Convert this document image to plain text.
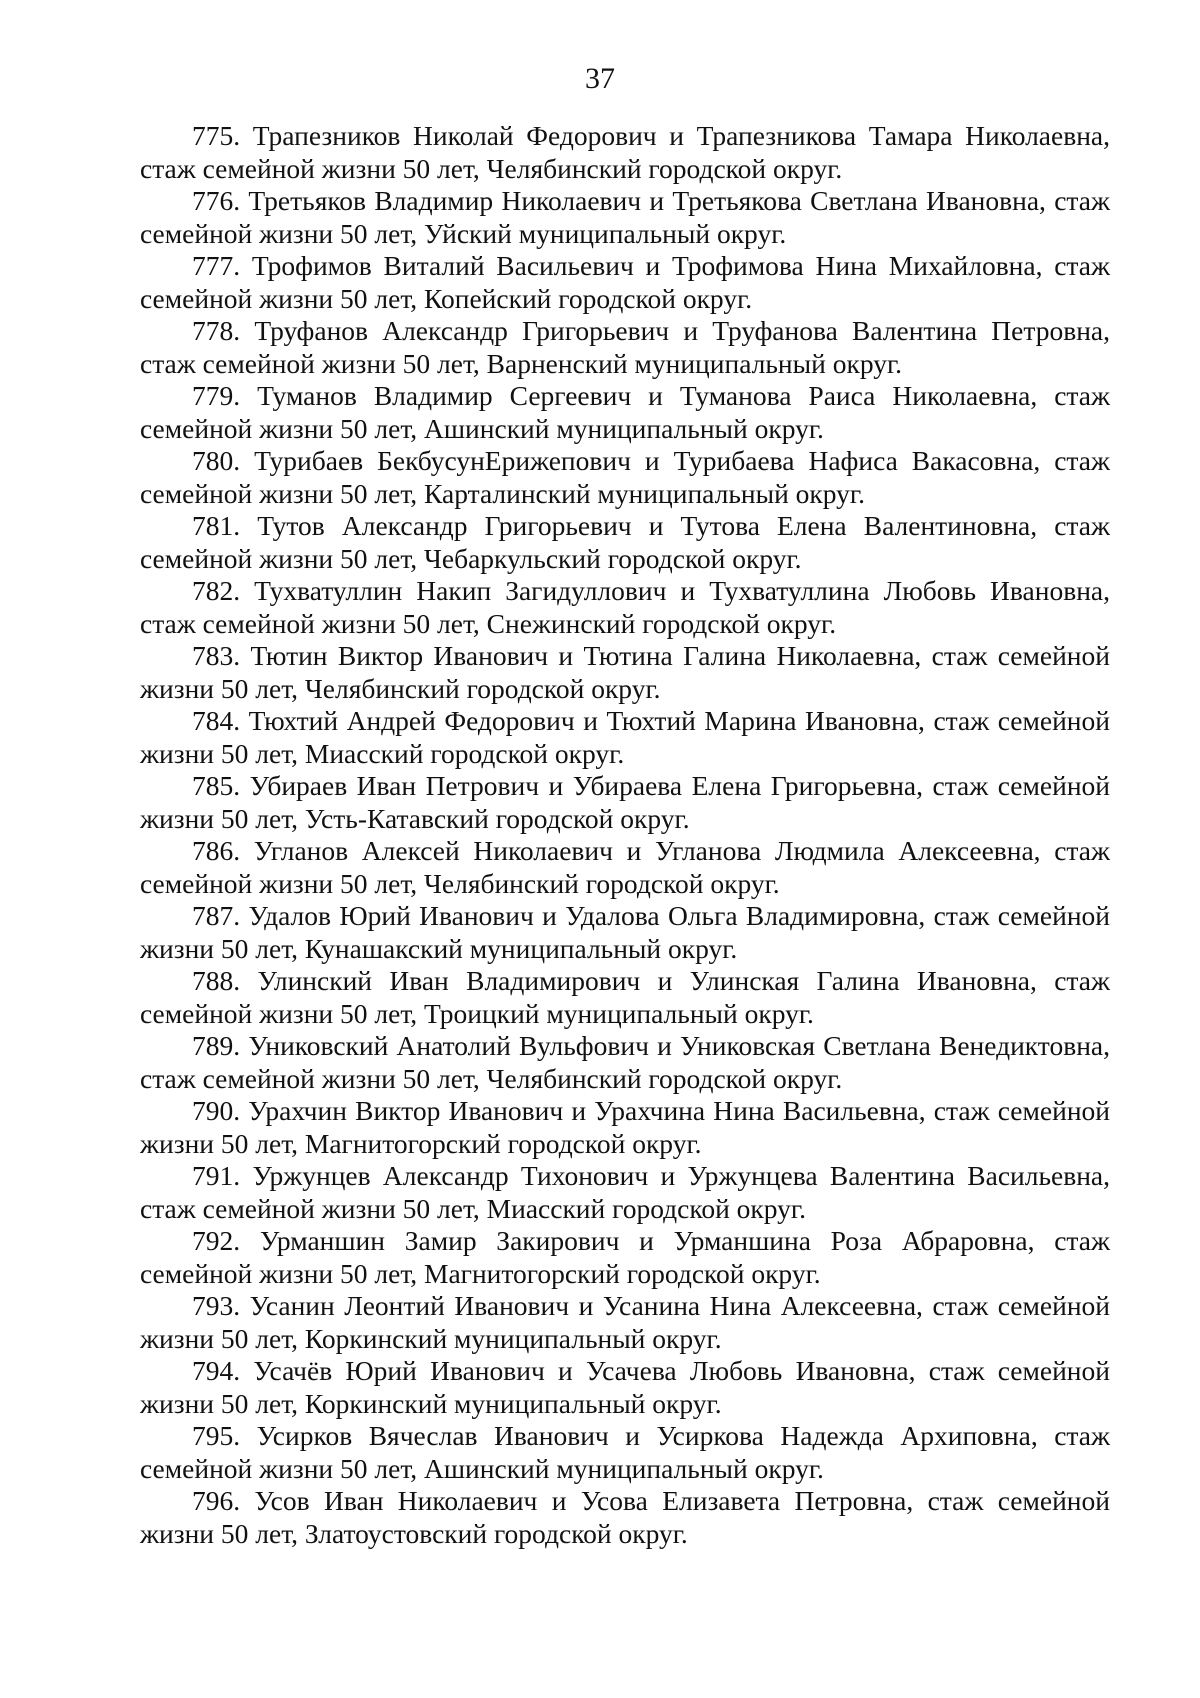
37

775. Трапезников Николай Федорович и Трапезникова Тамара Николаевна, стаж семейной жизни 50 лет, Челябинский городской округ.

776. Третьяков Владимир Николаевич и Третьякова Светлана Ивановна, стаж семейной жизни 50 лет, Уйский муниципальный округ.

777. Трофимов Виталий Васильевич и Трофимова Нина Михайловна, стаж семейной жизни 50 лет, Копейский городской округ.

778. Труфанов Александр Григорьевич и Труфанова Валентина Петровна, стаж семейной жизни 50 лет, Варненский муниципальный округ.

779. Туманов Владимир Сергеевич и Туманова Раиса Николаевна, стаж семейной жизни 50 лет, Ашинский муниципальный округ.

780. Турибаев БекбусунЕрижепович и Турибаева Нафиса Вакасовна, стаж семейной жизни 50 лет, Карталинский муниципальный округ.

781. Тутов Александр Григорьевич и Тутова Елена Валентиновна, стаж семейной жизни 50 лет, Чебаркульский городской округ.

782. Тухватуллин Накип Загидуллович и Тухватуллина Любовь Ивановна, стаж семейной жизни 50 лет, Снежинский городской округ.

783. Тютин Виктор Иванович и Тютина Галина Николаевна, стаж семейной жизни 50 лет, Челябинский городской округ.

784. Тюхтий Андрей Федорович и Тюхтий Марина Ивановна, стаж семейной жизни 50 лет, Миасский городской округ.

785. Убираев Иван Петрович и Убираева Елена Григорьевна, стаж семейной жизни 50 лет, Усть-Катавский городской округ.

786. Угланов Алексей Николаевич и Угланова Людмила Алексеевна, стаж семейной жизни 50 лет, Челябинский городской округ.

787. Удалов Юрий Иванович и Удалова Ольга Владимировна, стаж семейной жизни 50 лет, Кунашакский муниципальный округ.

788. Улинский Иван Владимирович и Улинская Галина Ивановна, стаж семейной жизни 50 лет, Троицкий муниципальный округ.

789. Униковский Анатолий Вульфович и Униковская Светлана Венедиктовна, стаж семейной жизни 50 лет, Челябинский городской округ.

790. Урахчин Виктор Иванович и Урахчина Нина Васильевна, стаж семейной жизни 50 лет, Магнитогорский городской округ.

791. Уржунцев Александр Тихонович и Уржунцева Валентина Васильевна, стаж семейной жизни 50 лет, Миасский городской округ.

792. Урманшин Замир Закирович и Урманшина Роза Абраровна, стаж семейной жизни 50 лет, Магнитогорский городской округ.

793. Усанин Леонтий Иванович и Усанина Нина Алексеевна, стаж семейной жизни 50 лет, Коркинский муниципальный округ.

794. Усачёв Юрий Иванович и Усачева Любовь Ивановна, стаж семейной жизни 50 лет, Коркинский муниципальный округ.

795. Усирков Вячеслав Иванович и Усиркова Надежда Архиповна, стаж семейной жизни 50 лет, Ашинский муниципальный округ.

796. Усов Иван Николаевич и Усова Елизавета Петровна, стаж семейной жизни 50 лет, Златоустовский городской округ.
